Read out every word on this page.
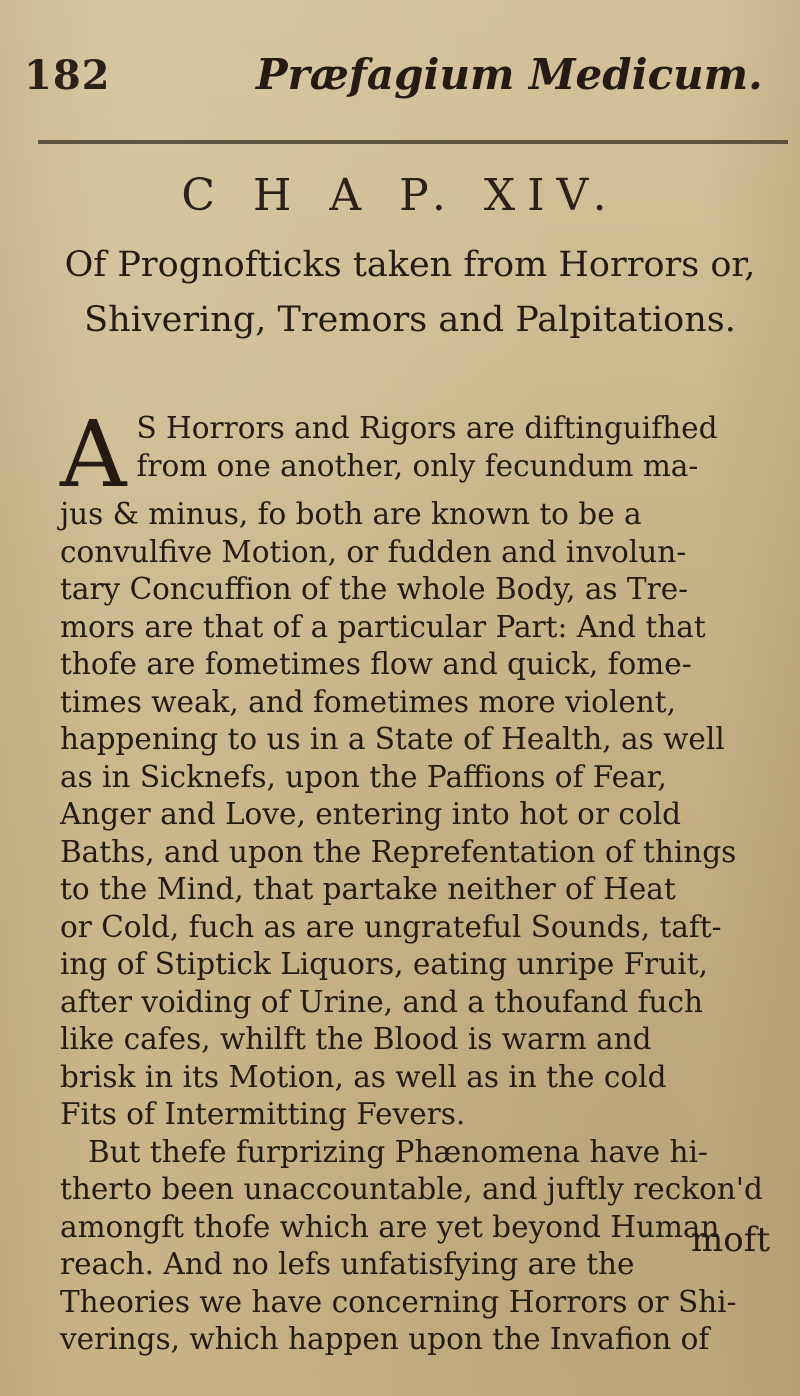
182	Præfagium Medicum.
C H A P. XIV.
Of Prognofticks taken from Horrors or,
Shivering, Tremors and Palpitations.
A S Horrors and Rigors are diftinguifhed
from one another, only fecundum ma-
jus & minus, fo both are known to be a
convulfive Motion, or fudden and involun-
tary Concuffion of the whole Body, as Tre-
mors are that of a particular Part: And that
thofe are fometimes flow and quick, fome-
times weak, and fometimes more violent,
happening to us in a State of Health, as well
as in Sicknefs, upon the Paffions of Fear,
Anger and Love, entering into hot or cold
Baths, and upon the Reprefentation of things
to the Mind, that partake neither of Heat
or Cold, fuch as are ungrateful Sounds, taft-
ing of Stiptick Liquors, eating unripe Fruit,
after voiding of Urine, and a thoufand fuch
like cafes, whilft the Blood is warm and
brisk in its Motion, as well as in the cold
Fits of Intermitting Fevers.
But thefe furprizing Phænomena have hi-
therto been unaccountable, and juftly reckon'd
amongft thofe which are yet beyond Human
reach. And no lefs unfatisfying are the
Theories we have concerning Horrors or Shi-
verings, which happen upon the Invafion of
moft
